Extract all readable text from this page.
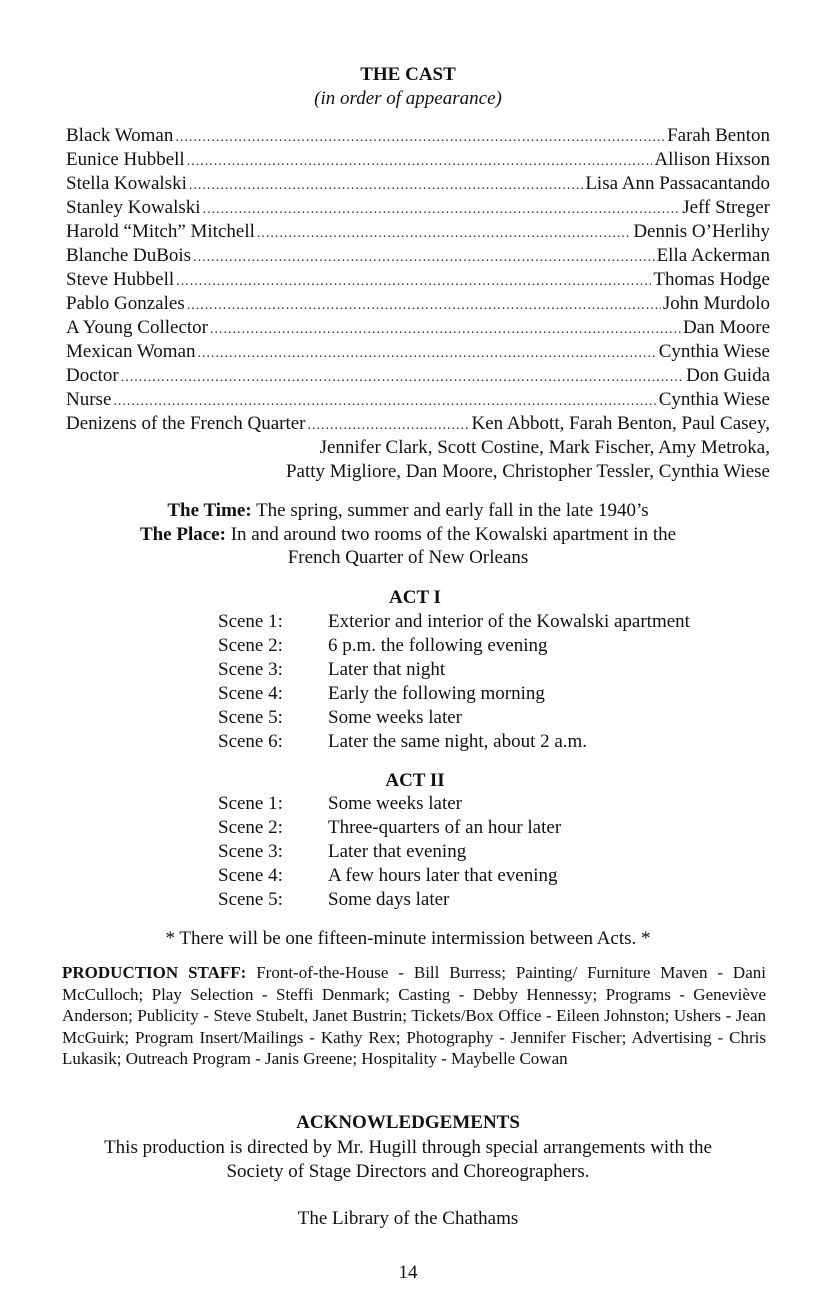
THE CAST
(in order of appearance)
Black Woman .....	Farah Benton
Eunice Hubbell .....	Allison Hixson
Stella Kowalski .....	Lisa Ann Passacantando
Stanley Kowalski .....	Jeff Streger
Harold “Mitch” Mitchell .....	Dennis O’Herlihy
Blanche DuBois .....	Ella Ackerman
Steve Hubbell .....	Thomas Hodge
Pablo Gonzales .....	John Murdolo
A Young Collector .....	Dan Moore
Mexican Woman .....	Cynthia Wiese
Doctor .....	Don Guida
Nurse .....	Cynthia Wiese
Denizens of the French Quarter .....	Ken Abbott, Farah Benton, Paul Casey,
Jennifer Clark, Scott Costine, Mark Fischer, Amy Metroka,
Patty Migliore, Dan Moore, Christopher Tessler, Cynthia Wiese
The Time: The spring, summer and early fall in the late 1940’s
The Place: In and around two rooms of the Kowalski apartment in the
French Quarter of New Orleans
ACT I
Scene 1:	Exterior and interior of the Kowalski apartment
Scene 2:	6 p.m. the following evening
Scene 3:	Later that night
Scene 4:	Early the following morning
Scene 5:	Some weeks later
Scene 6:	Later the same night, about 2 a.m.
ACT II
Scene 1:	Some weeks later
Scene 2:	Three-quarters of an hour later
Scene 3:	Later that evening
Scene 4:	A few hours later that evening
Scene 5:	Some days later
* There will be one fifteen-minute intermission between Acts. *
PRODUCTION STAFF: Front-of-the-House - Bill Burress; Painting/ Furniture Maven - Dani McCulloch; Play Selection - Steffi Denmark; Casting - Debby Hennessy; Programs - Geneviève Anderson; Publicity - Steve Stubelt, Janet Bustrin; Tickets/Box Office - Eileen Johnston; Ushers - Jean McGuirk; Program Insert/Mailings - Kathy Rex; Photography - Jennifer Fischer; Advertising - Chris Lukasik; Outreach Program - Janis Greene; Hospitality - Maybelle Cowan
ACKNOWLEDGEMENTS
This production is directed by Mr. Hugill through special arrangements with the
Society of Stage Directors and Choreographers.
The Library of the Chathams
14
